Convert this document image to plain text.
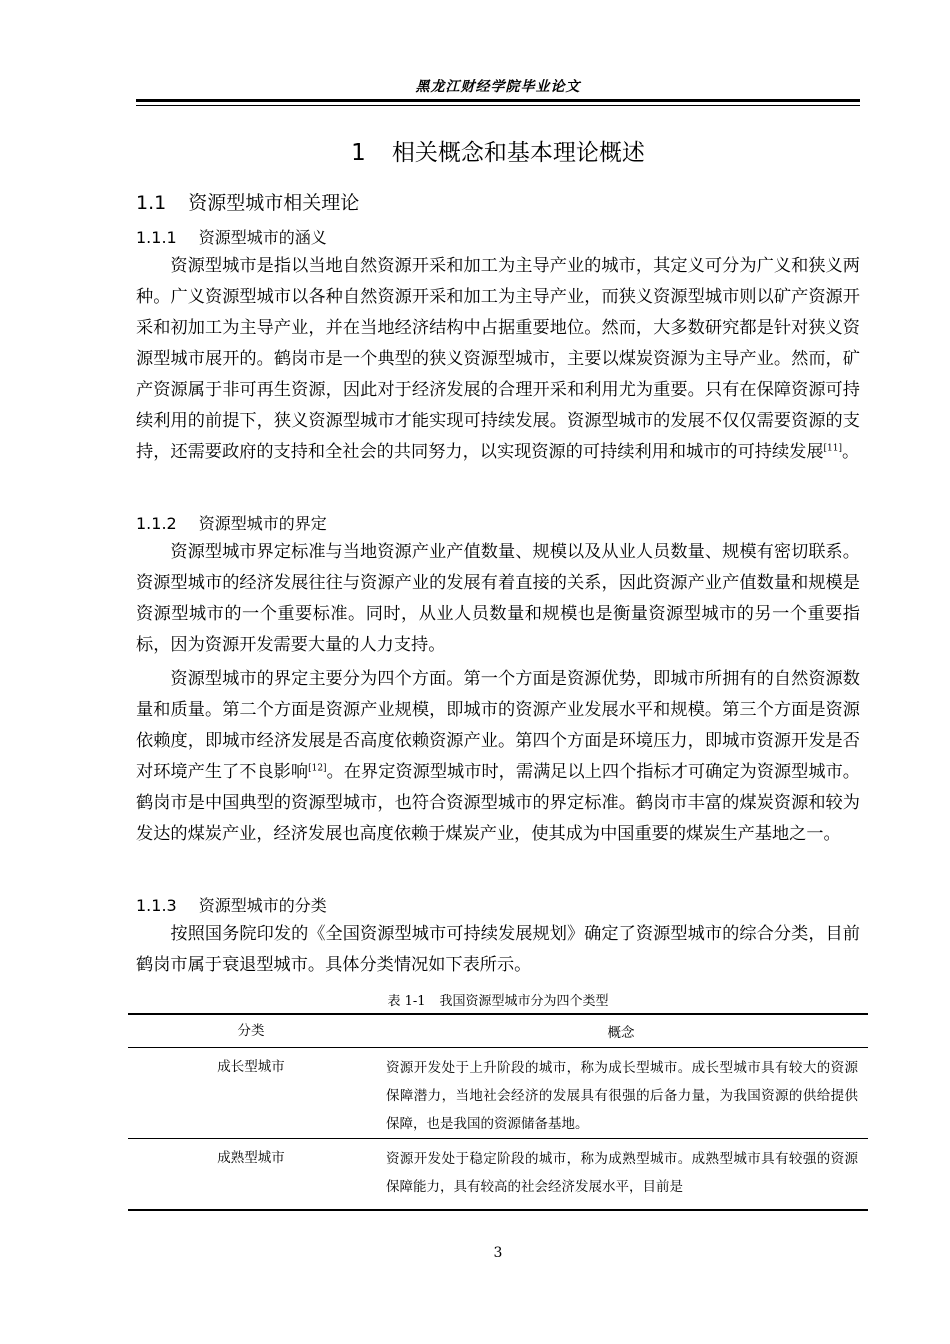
黑龙江财经学院毕业论文
1 相关概念和基本理论概述
1.1 资源型城市相关理论
1.1.1 资源型城市的涵义

资源型城市是指以当地自然资源开采和加工为主导产业的城市，其定义可分为广义和狭义两种。广义资源型城市以各种自然资源开采和加工为主导产业，而狭义资源型城市则以矿产资源开采和初加工为主导产业，并在当地经济结构中占据重要地位。然而，大多数研究都是针对狭义资源型城市展开的。鹤岗市是一个典型的狭义资源型城市，主要以煤炭资源为主导产业。然而，矿产资源属于非可再生资源，因此对于经济发展的合理开采和利用尤为重要。只有在保障资源可持续利用的前提下，狭义资源型城市才能实现可持续发展。资源型城市的发展不仅仅需要资源的支持，还需要政府的支持和全社会的共同努力，以实现资源的可持续利用和城市的可持续发展[11]。

1.1.2 资源型城市的界定

资源型城市界定标准与当地资源产业产值数量、规模以及从业人员数量、规模有密切联系。资源型城市的经济发展往往与资源产业的发展有着直接的关系，因此资源产业产值数量和规模是资源型城市的一个重要标准。同时，从业人员数量和规模也是衡量资源型城市的另一个重要指标，因为资源开发需要大量的人力支持。

资源型城市的界定主要分为四个方面。第一个方面是资源优势，即城市所拥有的自然资源数量和质量。第二个方面是资源产业规模，即城市的资源产业发展水平和规模。第三个方面是资源依赖度，即城市经济发展是否高度依赖资源产业。第四个方面是环境压力，即城市资源开发是否对环境产生了不良影响[12]。在界定资源型城市时，需满足以上四个指标才可确定为资源型城市。鹤岗市是中国典型的资源型城市，也符合资源型城市的界定标准。鹤岗市丰富的煤炭资源和较为发达的煤炭产业，经济发展也高度依赖于煤炭产业，使其成为中国重要的煤炭生产基地之一。

1.1.3 资源型城市的分类

按照国务院印发的《全国资源型城市可持续发展规划》确定了资源型城市的综合分类，目前鹤岗市属于衰退型城市。具体分类情况如下表所示。

表 1-1 我国资源型城市分为四个类型
分类	概念
成长型城市	资源开发处于上升阶段的城市，称为成长型城市。成长型城市具有较大的资源保障潜力，当地社会经济的发展具有很强的后备力量，为我国资源的供给提供保障，也是我国的资源储备基地。
成熟型城市	资源开发处于稳定阶段的城市，称为成熟型城市。成熟型城市具有较强的资源保障能力，具有较高的社会经济发展水平，目前是
3
